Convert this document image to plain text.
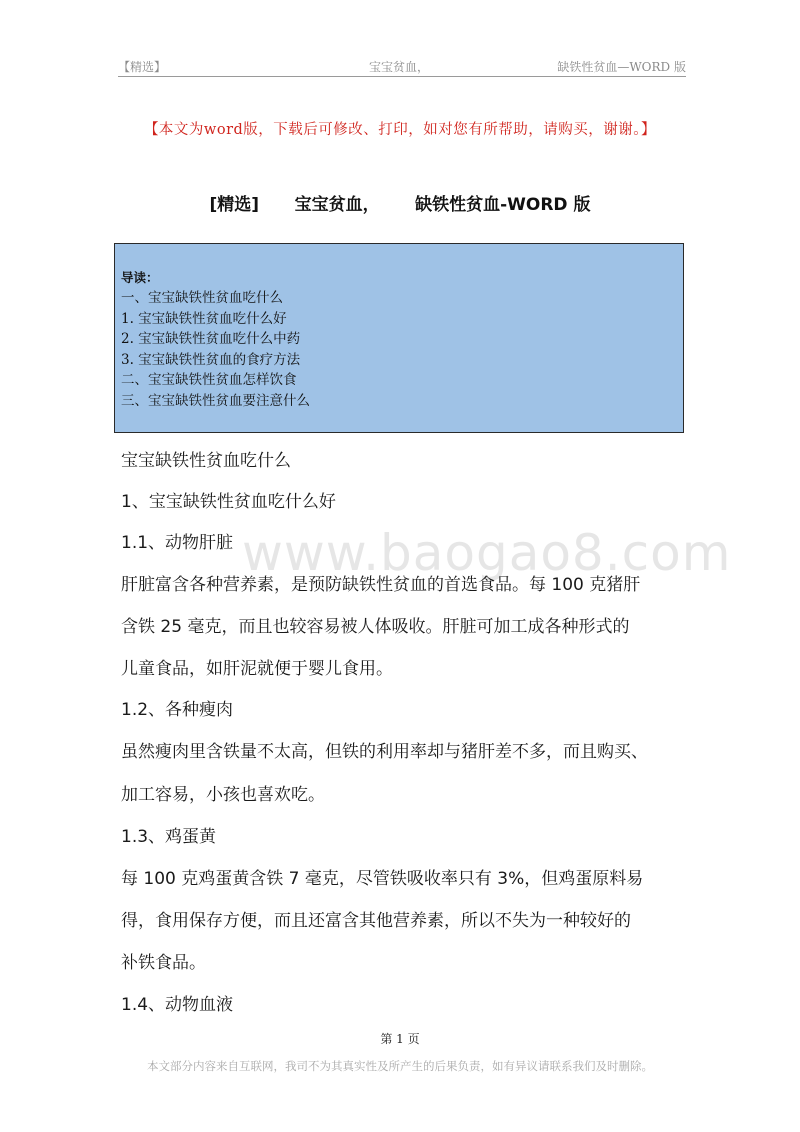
【精选】	宝宝贫血，	缺铁性贫血—WORD 版
【本文为word版，下载后可修改、打印，如对您有所帮助，请购买，谢谢。】
[精选]      宝宝贫血，      缺铁性贫血-WORD 版
导读：
一、宝宝缺铁性贫血吃什么
1. 宝宝缺铁性贫血吃什么好
2. 宝宝缺铁性贫血吃什么中药
3. 宝宝缺铁性贫血的食疗方法
二、宝宝缺铁性贫血怎样饮食
三、宝宝缺铁性贫血要注意什么
www.baogao8.com
宝宝缺铁性贫血吃什么
1、宝宝缺铁性贫血吃什么好
1.1、动物肝脏
肝脏富含各种营养素，是预防缺铁性贫血的首选食品。每 100 克猪肝
含铁 25 毫克，而且也较容易被人体吸收。肝脏可加工成各种形式的
儿童食品，如肝泥就便于婴儿食用。
1.2、各种瘦肉
虽然瘦肉里含铁量不太高，但铁的利用率却与猪肝差不多，而且购买、
加工容易，小孩也喜欢吃。
1.3、鸡蛋黄
每 100 克鸡蛋黄含铁 7 毫克，尽管铁吸收率只有 3%，但鸡蛋原料易
得，食用保存方便，而且还富含其他营养素，所以不失为一种较好的
补铁食品。
1.4、动物血液
第 1 页
本文部分内容来自互联网，我司不为其真实性及所产生的后果负责，如有异议请联系我们及时删除。
